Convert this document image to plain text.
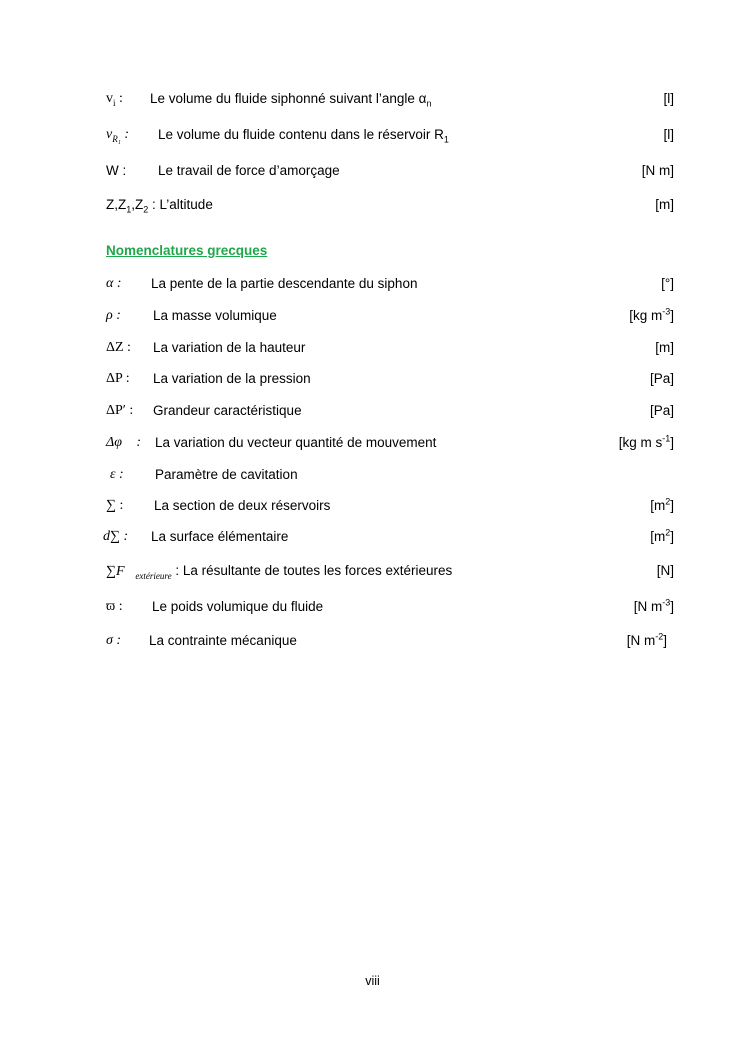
$v_i$ : Le volume du fluide siphonné suivant l’angle $\alpha_n$	[l]
$v_{R_1}$ : Le volume du fluide contenu dans le réservoir $R_1$	[l]
W : Le travail de force d’amorçage	[N m]
$Z,Z_1,Z_2$ : L’altitude	[m]
Nomenclatures grecques
α : La pente de la partie descendante du siphon	[°]
ρ : La masse volumique	[kg $m^{-3}$]
ΔZ : La variation de la hauteur	[m]
ΔP : La variation de la pression	[Pa]
ΔP′ : Grandeur caractéristique	[Pa]
Δφ⃗ : La variation du vecteur quantité de mouvement	[kg m $s^{-1}$]
ε : Paramètre de cavitation
∑ : La section de deux réservoirs	$[m^2]$
d∑ : La surface élémentaire	$[m^2]$
$\sum F⃗_{extérieure}$ : La résultante de toutes les forces extérieures	[N]
ϖ : Le poids volumique du fluide	[N $m^{-3}$]
σ : La contrainte mécanique	[N $m^{-2}$]
viii
